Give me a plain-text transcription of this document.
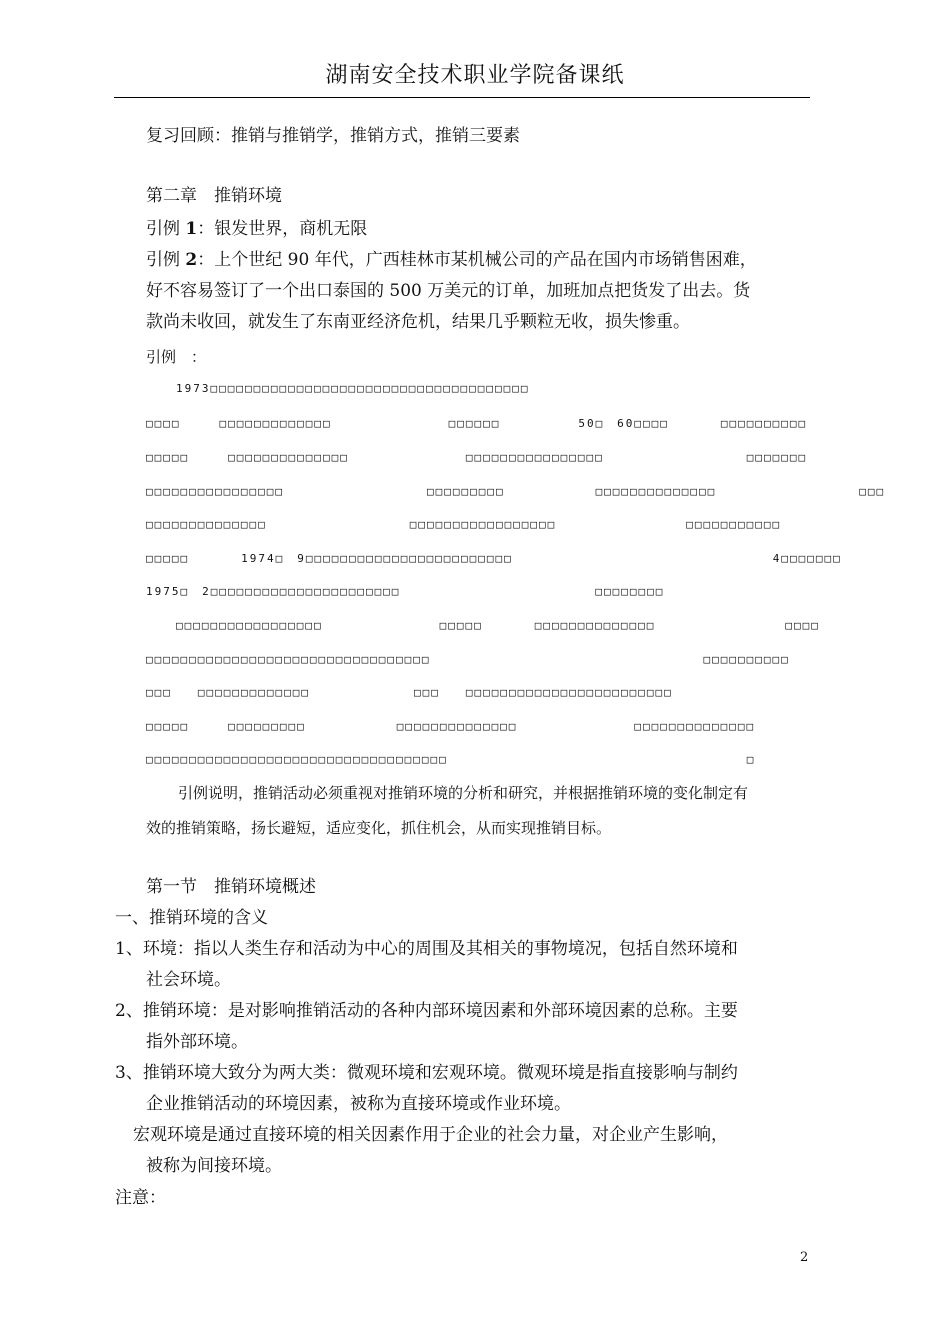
湖南安全技术职业学院备课纸
复习回顾：推销与推销学，推销方式，推销三要素
第二章　推销环境
引例 1：银发世界，商机无限
引例 2：上个世纪 90 年代，广西桂林市某机械公司的产品在国内市场销售困难，
好不容易签订了一个出口泰国的 500 万美元的订单，加班加点把货发了出去。货
款尚未收回，就发生了东南亚经济危机，结果几乎颗粒无收，损失惨重。
引例　：
1973□□□□□□□□□□□□□□□□□□□□□□□□□□□□□□□□□□□□□
□□□□　　　□□□□□□□□□□□□□　　　　　　　　　□□□□□□　　　　　　50□　60□□□□　　　　□□□□□□□□□□
□□□□□　　　□□□□□□□□□□□□□□　　　　　　　　　□□□□□□□□□□□□□□□□　　　　　　　　　　　□□□□□□□
□□□□□□□□□□□□□□□□　　　　　　　　　　　□□□□□□□□□　　　　　　　□□□□□□□□□□□□□□　　　　　　　　　　　□□□
□□□□□□□□□□□□□□　　　　　　　　　　　□□□□□□□□□□□□□□□□□　　　　　　　　　　□□□□□□□□□□□
□□□□□　　　　1974□　9□□□□□□□□□□□□□□□□□□□□□□□□　　　　　　　　　　　　　　　　　　　　4□□□□□□□
1975□　2□□□□□□□□□□□□□□□□□□□□□□　　　　　　　　　　　　　　　□□□□□□□□
□□□□□□□□□□□□□□□□□　　　　　　　　　□□□□□　　　　□□□□□□□□□□□□□□　　　　　　　　　　□□□□
□□□□□□□□□□□□□□□□□□□□□□□□□□□□□□□□□　　　　　　　　　　　　　　　　　　　　　□□□□□□□□□□
□□□　　□□□□□□□□□□□□□　　　　　　　　□□□　　□□□□□□□□□□□□□□□□□□□□□□□□
□□□□□　　　□□□□□□□□□　　　　　　　□□□□□□□□□□□□□□　　　　　　　　　□□□□□□□□□□□□□□
□□□□□□□□□□□□□□□□□□□□□□□□□□□□□□□□□□□　　　　　　　　　　　　　　　　　　　　　　　□
引例说明，推销活动必须重视对推销环境的分析和研究，并根据推销环境的变化制定有
效的推销策略，扬长避短，适应变化，抓住机会，从而实现推销目标。
第一节　推销环境概述
一、推销环境的含义
1、环境：指以人类生存和活动为中心的周围及其相关的事物境况，包括自然环境和
社会环境。
2、推销环境：是对影响推销活动的各种内部环境因素和外部环境因素的总称。主要
指外部环境。
3、推销环境大致分为两大类：微观环境和宏观环境。微观环境是指直接影响与制约
企业推销活动的环境因素，被称为直接环境或作业环境。
宏观环境是通过直接环境的相关因素作用于企业的社会力量，对企业产生影响，
被称为间接环境。
注意：
2
